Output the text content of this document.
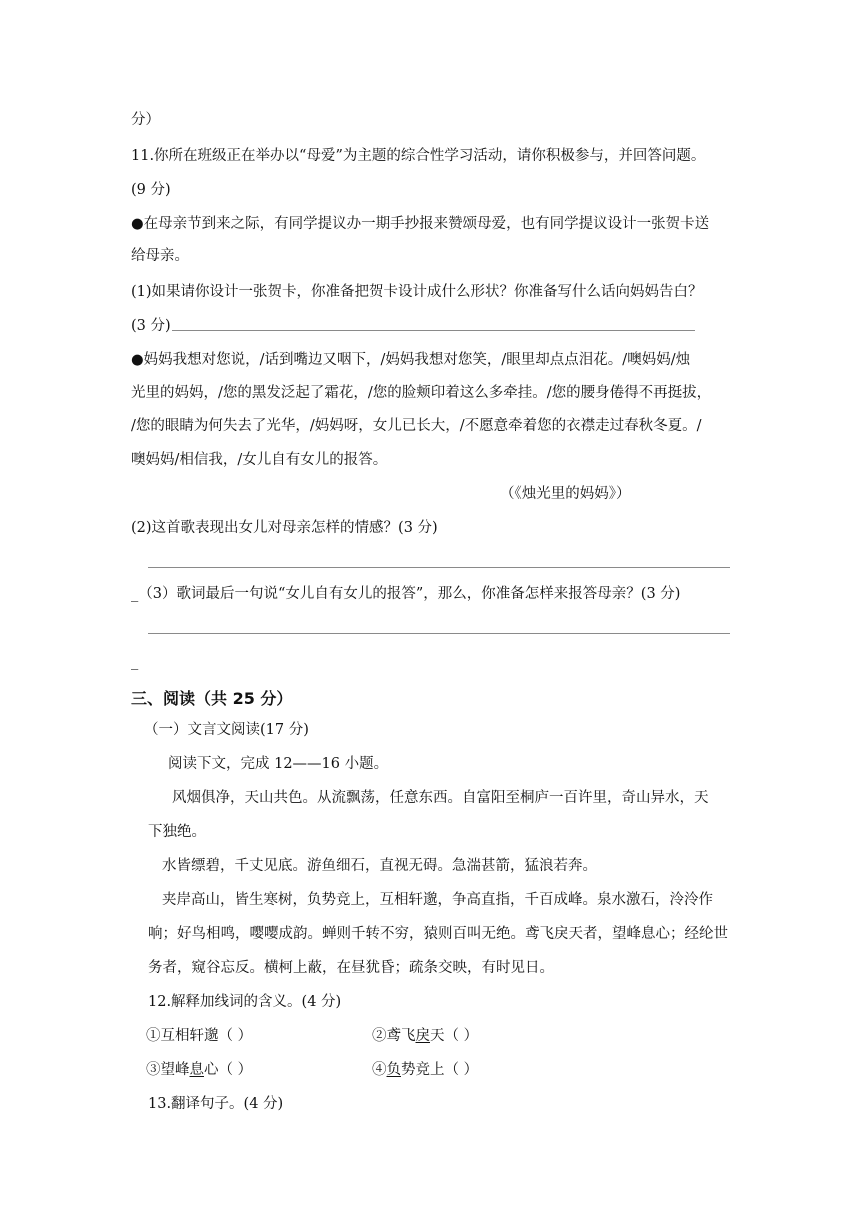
分）
11.你所在班级正在举办以“母爱”为主题的综合性学习活动，请你积极参与，并回答问题。
(9 分)
●在母亲节到来之际，有同学提议办一期手抄报来赞颂母爱，也有同学提议设计一张贺卡送
给母亲。
(1)如果请你设计一张贺卡，你准备把贺卡设计成什么形状？你准备写什么话向妈妈告白？
(3 分)
●妈妈我想对您说，/话到嘴边又咽下，/妈妈我想对您笑，/眼里却点点泪花。/噢妈妈/烛
光里的妈妈，/您的黑发泛起了霜花，/您的脸颊印着这么多牵挂。/您的腰身倦得不再挺拔，
/您的眼睛为何失去了光华，/妈妈呀，女儿已长大，/不愿意牵着您的衣襟走过春秋冬夏。/
噢妈妈/相信我，/女儿自有女儿的报答。
（《烛光里的妈妈》）
(2)这首歌表现出女儿对母亲怎样的情感？(3 分)
_（3）歌词最后一句说“女儿自有女儿的报答”，那么，你准备怎样来报答母亲？(3 分)
_
三、阅读（共 25 分）
（一）文言文阅读(17 分)
阅读下文，完成 12——16 小题。
风烟俱净，天山共色。从流飘荡，任意东西。自富阳至桐庐一百许里，奇山异水，天
下独绝。
水皆缥碧，千丈见底。游鱼细石，直视无碍。急湍甚箭，猛浪若奔。
夹岸高山，皆生寒树，负势竞上，互相轩邈，争高直指，千百成峰。泉水激石，泠泠作
响；好鸟相鸣，嘤嘤成韵。蝉则千转不穷，猿则百叫无绝。鸢飞戾天者，望峰息心；经纶世
务者，窥谷忘反。横柯上蔽，在昼犹昏；疏条交映，有时见日。
12.解释加线词的含义。(4 分)
①互相轩邈（ ）	②鸢飞戾天（ ）
③望峰息心（ ）	④负势竞上（ ）
13.翻译句子。(4 分)
